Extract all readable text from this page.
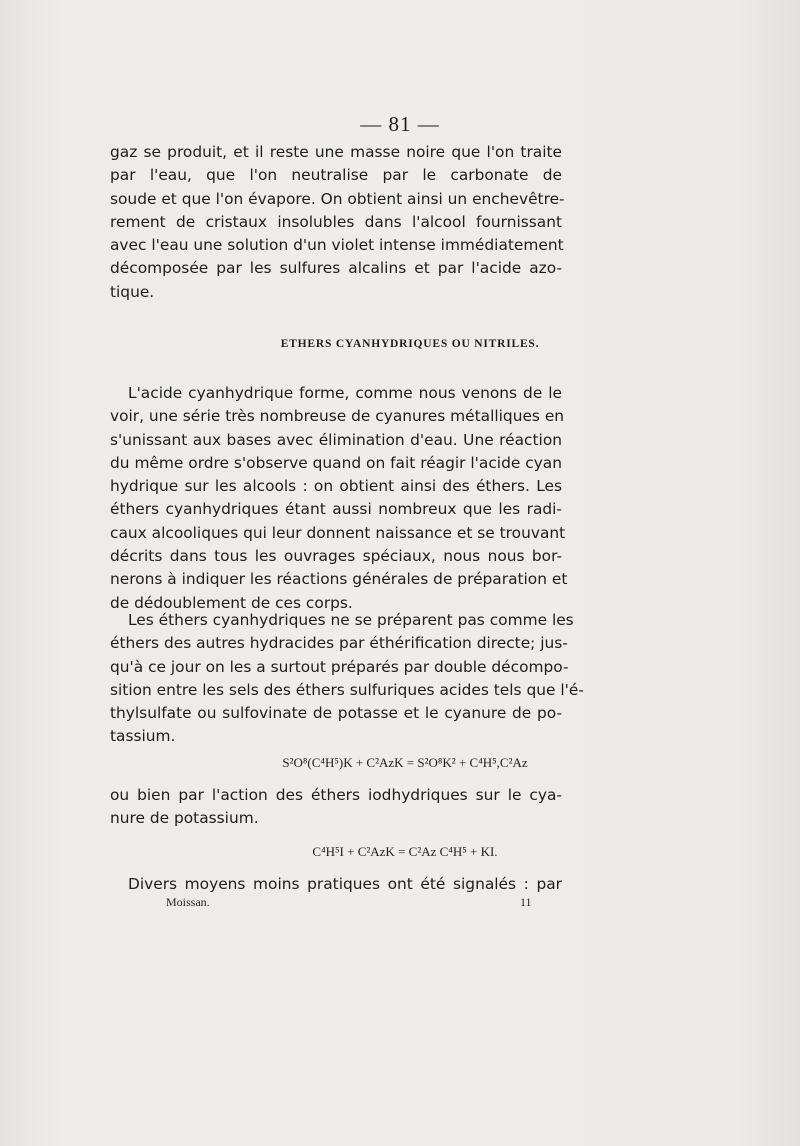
— 81 —
gaz se produit, et il reste une masse noire que l'on traite
par l'eau, que l'on neutralise par le carbonate de
soude et que l'on évapore. On obtient ainsi un enchevêtre-
rement de cristaux insolubles dans l'alcool fournissant
avec l'eau une solution d'un violet intense immédiatement
décomposée par les sulfures alcalins et par l'acide azo-
tique.
ETHERS CYANHYDRIQUES OU NITRILES.
L'acide cyanhydrique forme, comme nous venons de le
voir, une série très nombreuse de cyanures métalliques en
s'unissant aux bases avec élimination d'eau. Une réaction
du même ordre s'observe quand on fait réagir l'acide cyan
hydrique sur les alcools : on obtient ainsi des éthers. Les
éthers cyanhydriques étant aussi nombreux que les radi-
caux alcooliques qui leur donnent naissance et se trouvant
décrits dans tous les ouvrages spéciaux, nous nous bor-
nerons à indiquer les réactions générales de préparation et
de dédoublement de ces corps.
Les éthers cyanhydriques ne se préparent pas comme les
éthers des autres hydracides par éthérification directe; jus-
qu'à ce jour on les a surtout préparés par double décompo-
sition entre les sels des éthers sulfuriques acides tels que l'é-
thylsulfate ou sulfovinate de potasse et le cyanure de po-
tassium.
S²O⁸(C⁴H⁵)K + C²AzK = S²O⁸K² + C⁴H⁵,C²Az
ou bien par l'action des éthers iodhydriques sur le cya-
nure de potassium.
C⁴H⁵I + C²AzK = C²Az C⁴H⁵ + KI.
Divers moyens moins pratiques ont été signalés : par
Moissan.	11
